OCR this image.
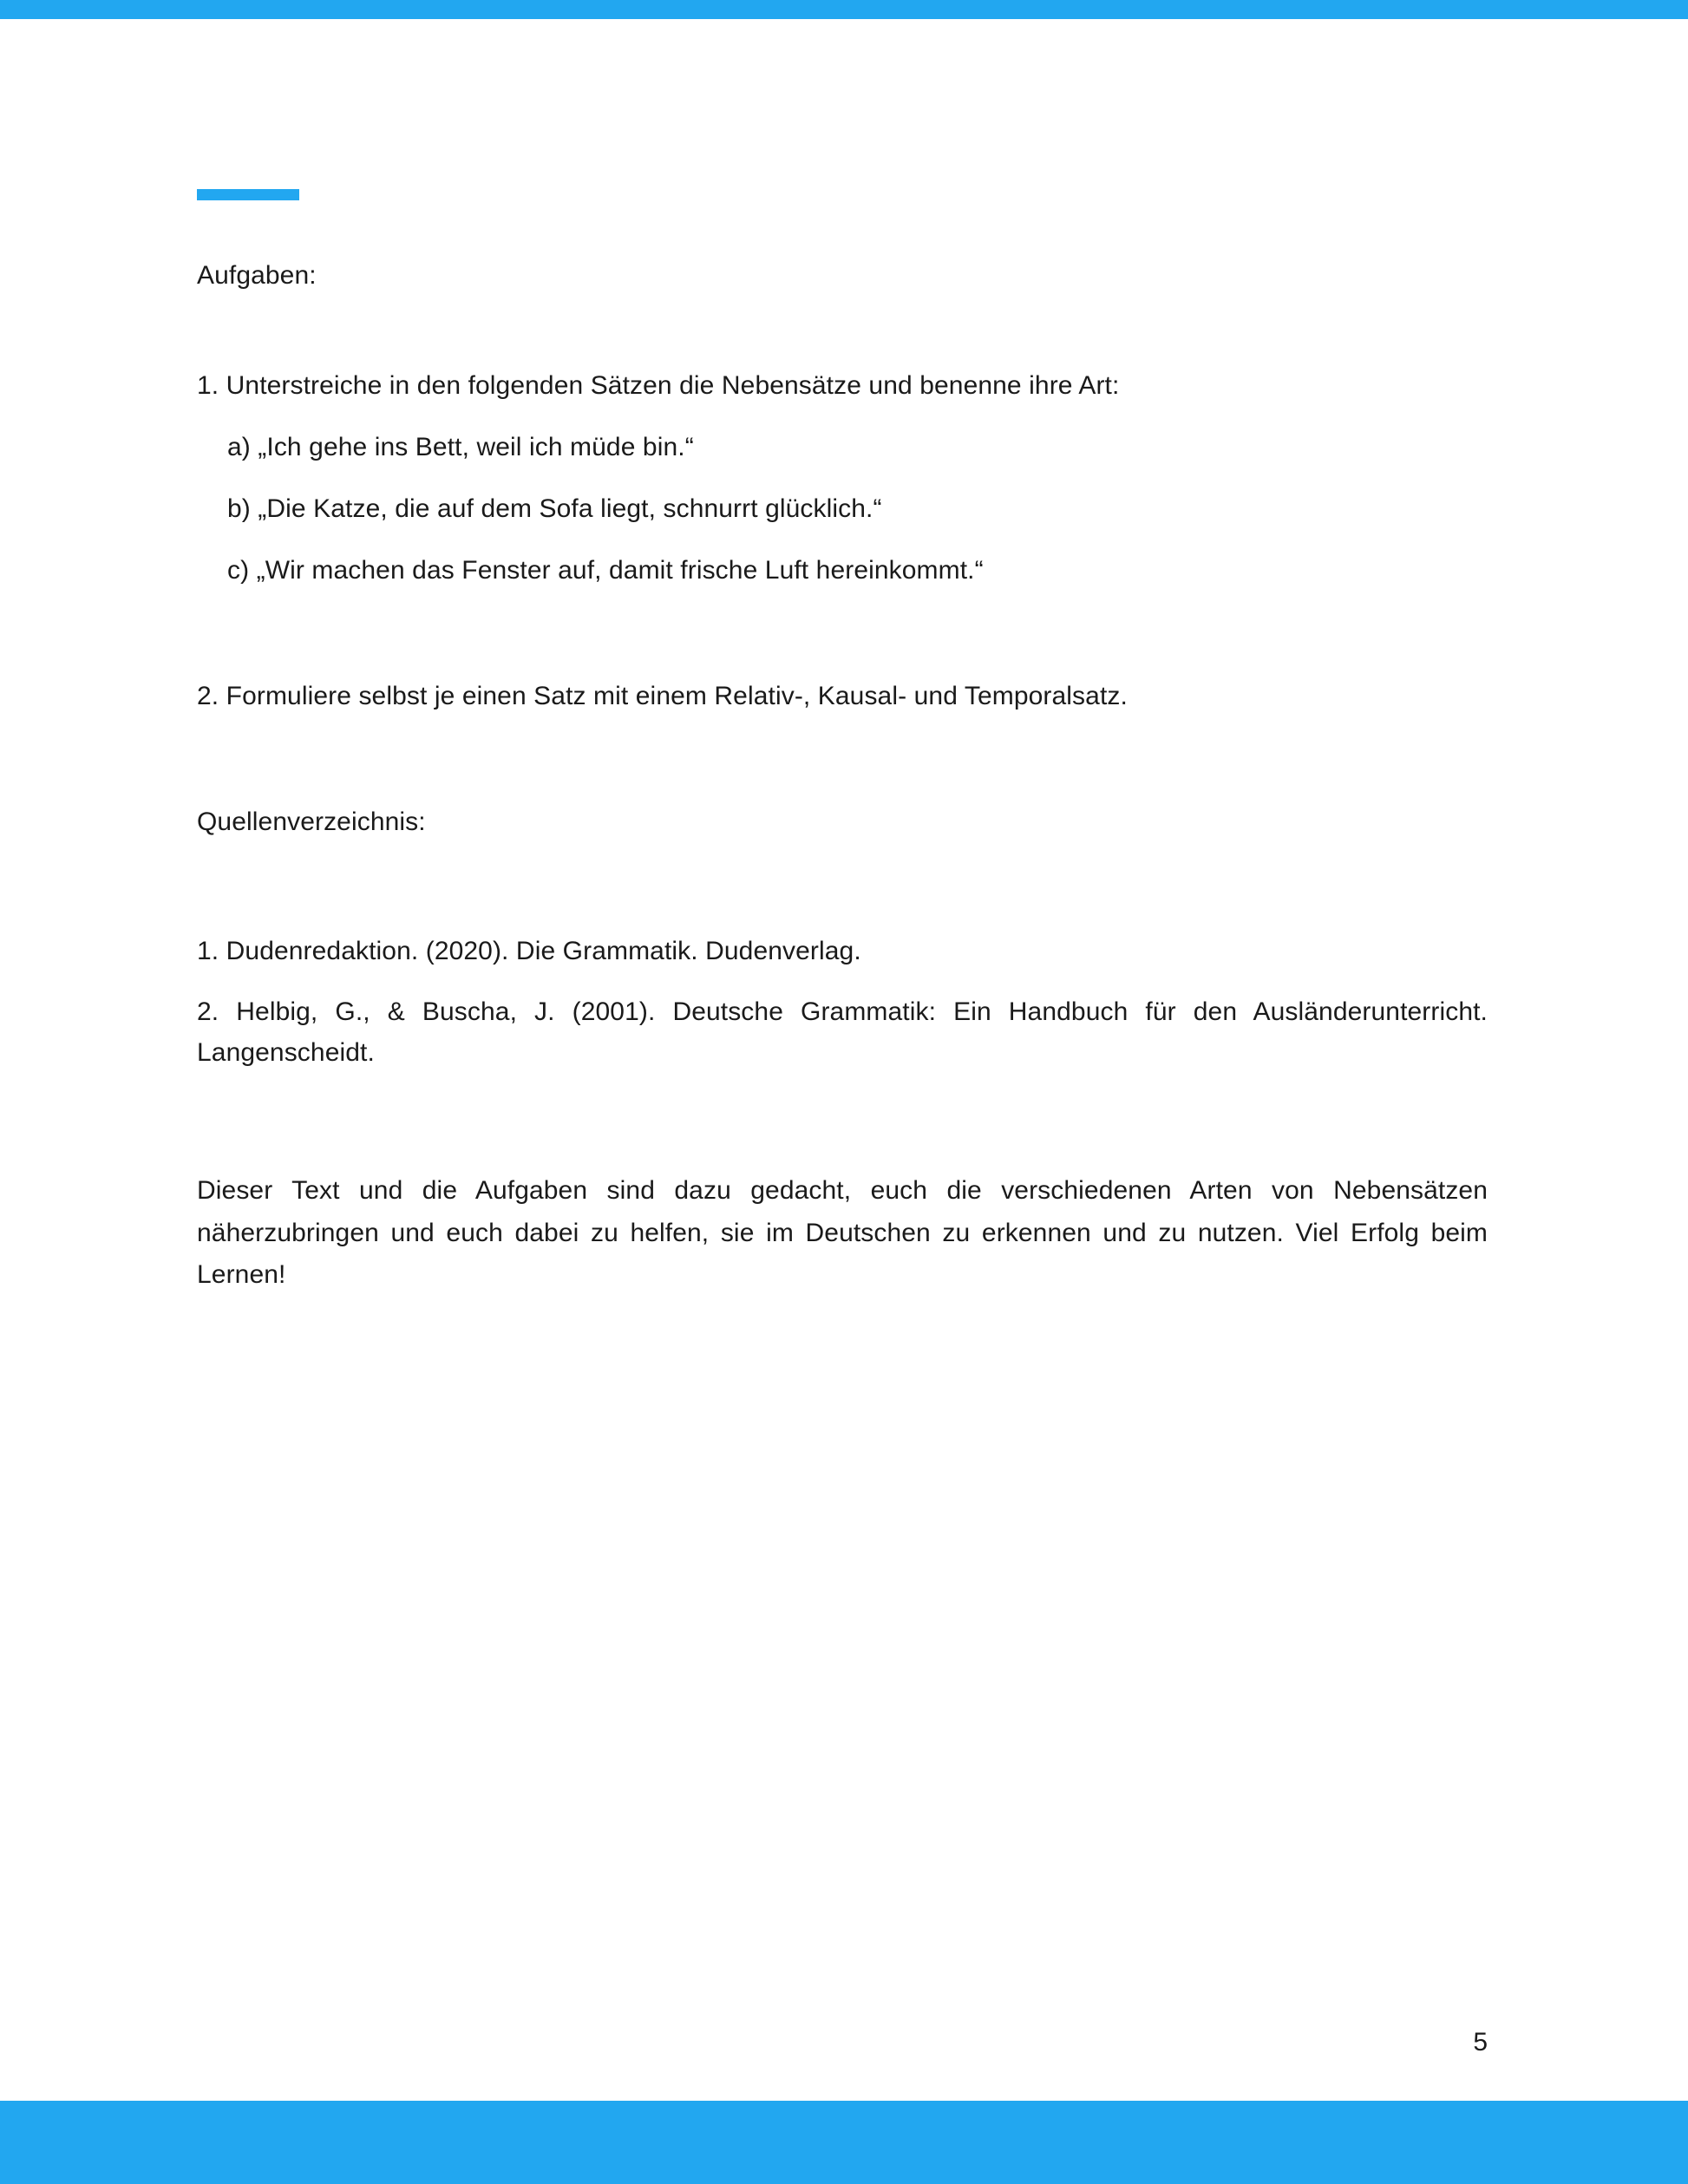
Aufgaben:
1. Unterstreiche in den folgenden Sätzen die Nebensätze und benenne ihre Art:
a) „Ich gehe ins Bett, weil ich müde bin.“
b) „Die Katze, die auf dem Sofa liegt, schnurrt glücklich.“
c) „Wir machen das Fenster auf, damit frische Luft hereinkommt.“
2. Formuliere selbst je einen Satz mit einem Relativ-, Kausal- und Temporalsatz.
Quellenverzeichnis:
1. Dudenredaktion. (2020). Die Grammatik. Dudenverlag.
2. Helbig, G., & Buscha, J. (2001). Deutsche Grammatik: Ein Handbuch für den Ausländerunterricht. Langenscheidt.
Dieser Text und die Aufgaben sind dazu gedacht, euch die verschiedenen Arten von Nebensätzen näherzubringen und euch dabei zu helfen, sie im Deutschen zu erkennen und zu nutzen. Viel Erfolg beim Lernen!
5
